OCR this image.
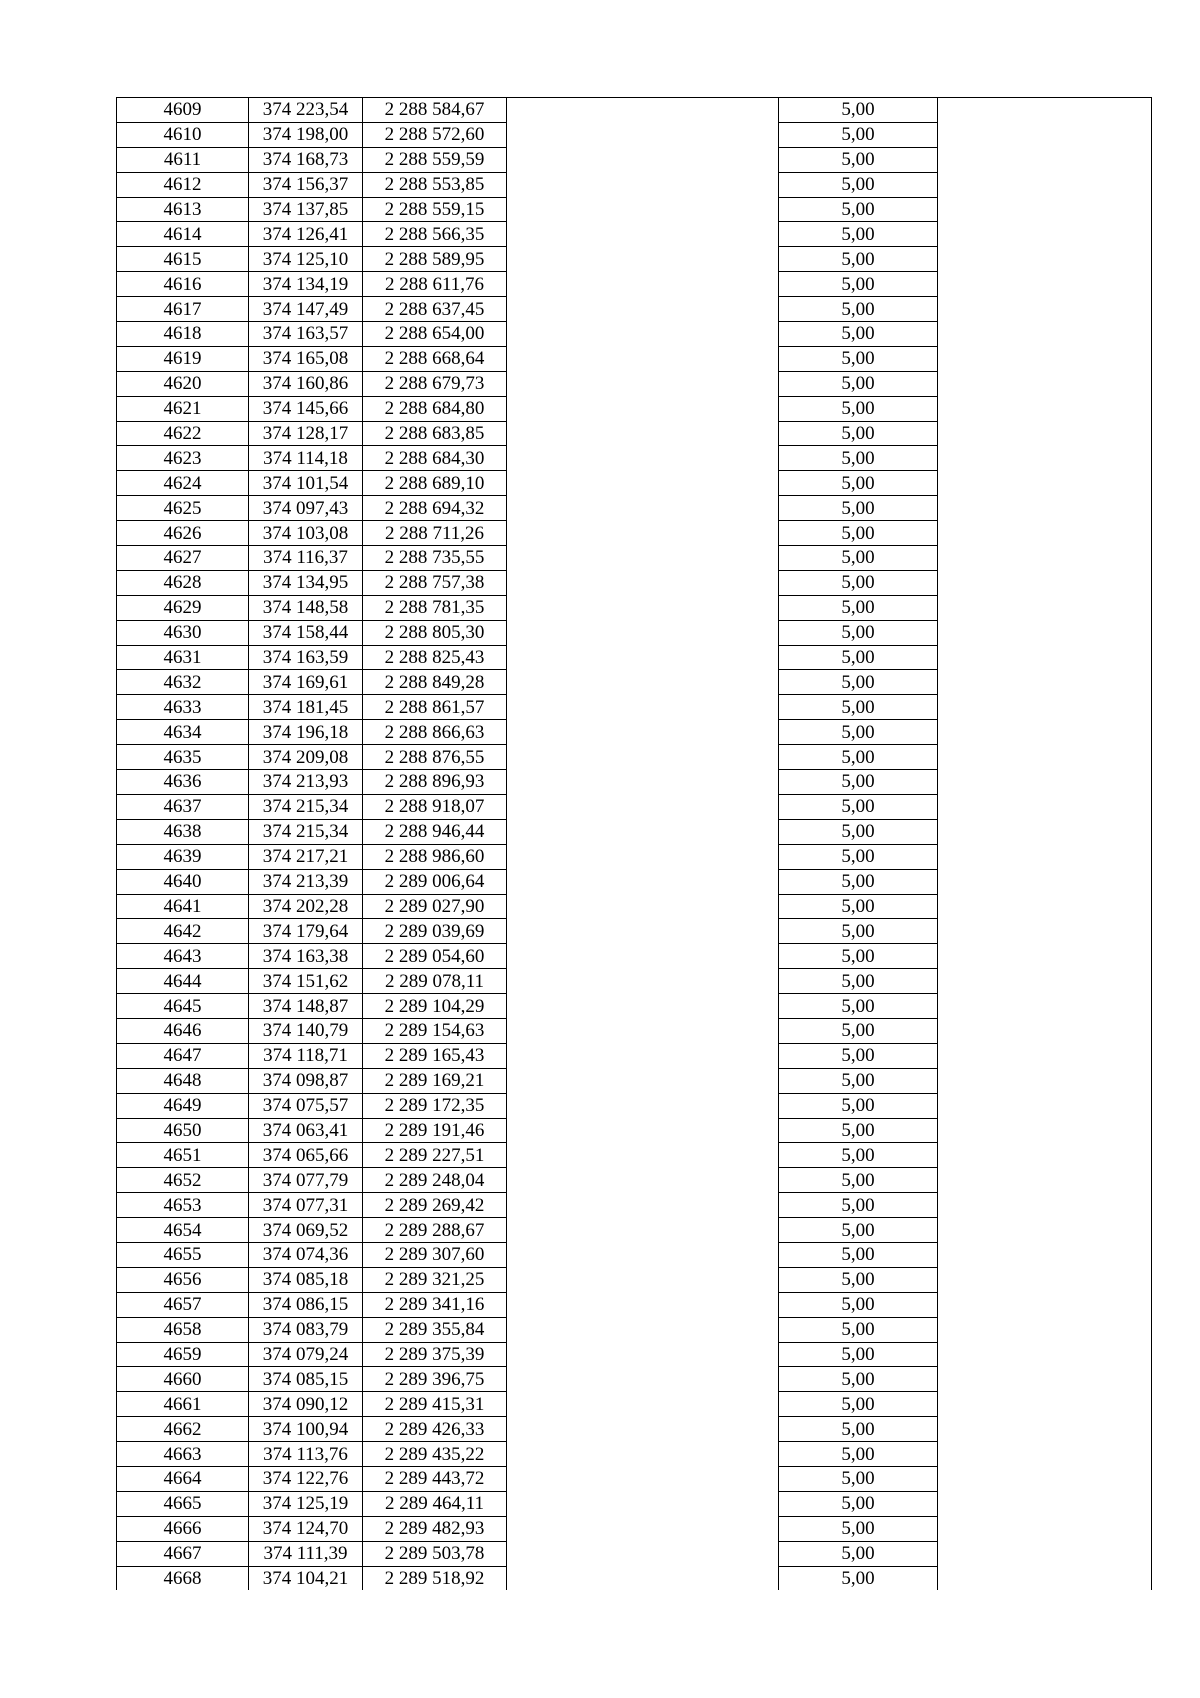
4609	374 223,54	2 288 584,67		5,00	
4610	374 198,00	2 288 572,60		5,00	
4611	374 168,73	2 288 559,59		5,00	
4612	374 156,37	2 288 553,85		5,00	
4613	374 137,85	2 288 559,15		5,00	
4614	374 126,41	2 288 566,35		5,00	
4615	374 125,10	2 288 589,95		5,00	
4616	374 134,19	2 288 611,76		5,00	
4617	374 147,49	2 288 637,45		5,00	
4618	374 163,57	2 288 654,00		5,00	
4619	374 165,08	2 288 668,64		5,00	
4620	374 160,86	2 288 679,73		5,00	
4621	374 145,66	2 288 684,80		5,00	
4622	374 128,17	2 288 683,85		5,00	
4623	374 114,18	2 288 684,30		5,00	
4624	374 101,54	2 288 689,10		5,00	
4625	374 097,43	2 288 694,32		5,00	
4626	374 103,08	2 288 711,26		5,00	
4627	374 116,37	2 288 735,55		5,00	
4628	374 134,95	2 288 757,38		5,00	
4629	374 148,58	2 288 781,35		5,00	
4630	374 158,44	2 288 805,30		5,00	
4631	374 163,59	2 288 825,43		5,00	
4632	374 169,61	2 288 849,28		5,00	
4633	374 181,45	2 288 861,57		5,00	
4634	374 196,18	2 288 866,63		5,00	
4635	374 209,08	2 288 876,55		5,00	
4636	374 213,93	2 288 896,93		5,00	
4637	374 215,34	2 288 918,07		5,00	
4638	374 215,34	2 288 946,44		5,00	
4639	374 217,21	2 288 986,60		5,00	
4640	374 213,39	2 289 006,64		5,00	
4641	374 202,28	2 289 027,90		5,00	
4642	374 179,64	2 289 039,69		5,00	
4643	374 163,38	2 289 054,60		5,00	
4644	374 151,62	2 289 078,11		5,00	
4645	374 148,87	2 289 104,29		5,00	
4646	374 140,79	2 289 154,63		5,00	
4647	374 118,71	2 289 165,43		5,00	
4648	374 098,87	2 289 169,21		5,00	
4649	374 075,57	2 289 172,35		5,00	
4650	374 063,41	2 289 191,46		5,00	
4651	374 065,66	2 289 227,51		5,00	
4652	374 077,79	2 289 248,04		5,00	
4653	374 077,31	2 289 269,42		5,00	
4654	374 069,52	2 289 288,67		5,00	
4655	374 074,36	2 289 307,60		5,00	
4656	374 085,18	2 289 321,25		5,00	
4657	374 086,15	2 289 341,16		5,00	
4658	374 083,79	2 289 355,84		5,00	
4659	374 079,24	2 289 375,39		5,00	
4660	374 085,15	2 289 396,75		5,00	
4661	374 090,12	2 289 415,31		5,00	
4662	374 100,94	2 289 426,33		5,00	
4663	374 113,76	2 289 435,22		5,00	
4664	374 122,76	2 289 443,72		5,00	
4665	374 125,19	2 289 464,11		5,00	
4666	374 124,70	2 289 482,93		5,00	
4667	374 111,39	2 289 503,78		5,00	
4668	374 104,21	2 289 518,92		5,00	
